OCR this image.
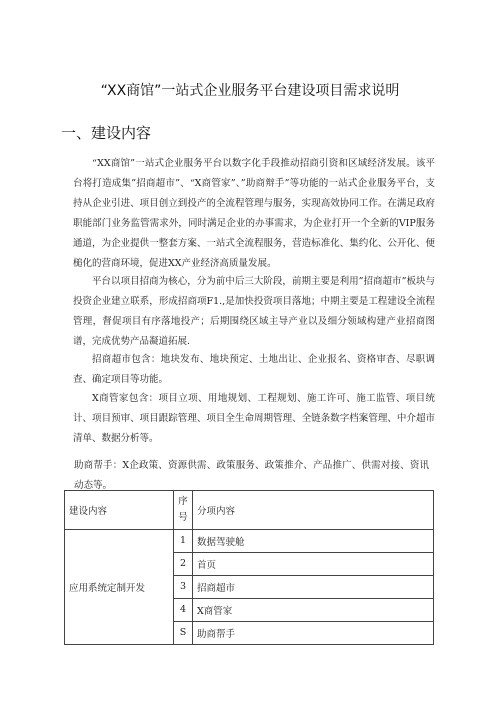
“XX商馆”一站式企业服务平台建设项目需求说明
一、建设内容

“XX商馆”一站式企业服务平台以数字化手段推动招商引资和区域经济发展。该平台将打造成集”招商超市”、“X商管家”、”助商辩手”等功能的一站式企业服务平台，支持从企业引进、项目创立到投产的全流程管理与服务，实现高效协同工作。在满足政府职能部门业务监管需求外，同时满足企业的办事需求，为企业打开一个全新的VIP服务通道，为企业提供一整套方案、一站式全流程服务，营造标准化、集约化、公开化、便槌化的营商环境，促进XX产业经济高质量发展。

平台以项目招商为核心，分为前中后三大阶段，前期主要是利用”招商超市”板块与投资企业建立联系，形成招商项F1.,是加快投资项目落地；中期主要是工程建设全流程管理，督促项目有序落地投产；后期围绕区域主导产业以及细分领域构建产业招商图谱，完成优势产品凝道拓展.

招商超市包含：地块发布、地块预定、土地出让、企业报名、资格审杳、尽职调查、确定项目等功能。

X商管家包含：项目立项、用地规划、工程规划、施工许可、施工监管、项目统计、项目预审、项目跟踪管理、项目全生命周期管理、全链条数字档案管理、中介超市清单、数据分析等。

助商帮手：X企政策、资源供需、政策服务、政策推介、产品推广、供需对接、资讯动态等。

建设内容	序号	分项内容
应用系统定制开发	1	数据驾驶舱
	2	首页
	3	招商超市
	4	X商管家
	S	助商帮手
